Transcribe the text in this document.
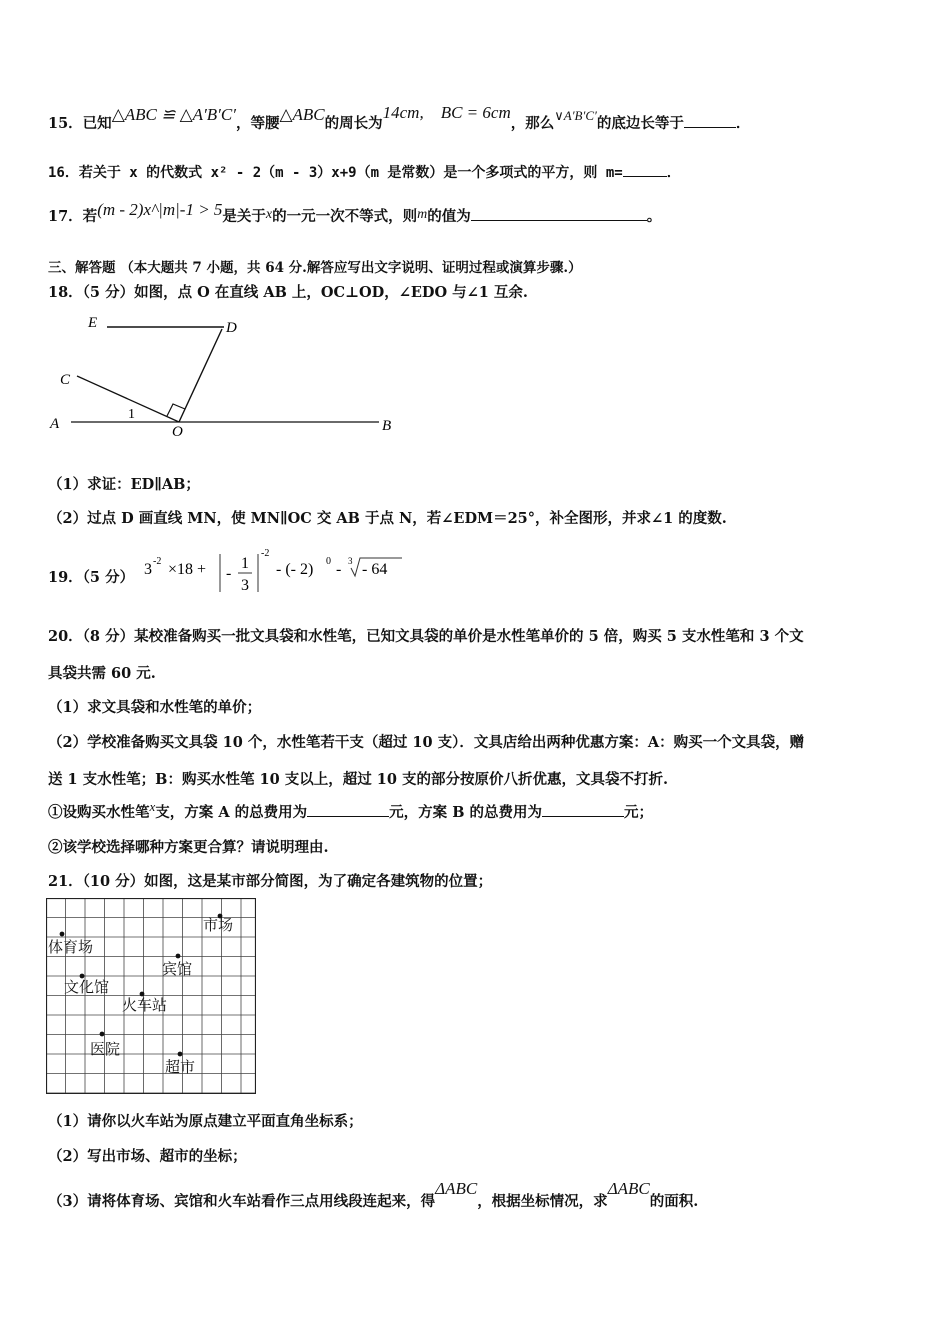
15．已知△ABC ≌ △A′B′C′，等腰△ABC的周长为14cm,　BC = 6cm，那么∨A′B′C′的底边长等于	．
16．若关于 x 的代数式 x² - 2（m - 3）x+9（m 是常数）是一个多项式的平方，则 m=	．
17．若(m - 2)x^|m|-1 > 5是关于x的一元一次不等式，则m的值为	。
三、解答题 （本大题共 7 小题，共 64 分.解答应写出文字说明、证明过程或演算步骤.）
18．（5 分）如图，点 O 在直线 AB 上，OC⊥OD，∠EDO 与∠1 互余.
E	D
C
A	O	B
1
（1）求证：ED∥AB；
（2）过点 D 画直线 MN，使 MN∥OC 交 AB 于点 N，若∠EDM＝25°，补全图形，并求∠1 的度数.
19．（5 分） 3 -2 ×18 + -
1
3
-2
- (- 2) 0 - 3 - 64
20．（8 分）某校准备购买一批文具袋和水性笔，已知文具袋的单价是水性笔单价的 5 倍，购买 5 支水性笔和 3 个文
具袋共需 60 元.
（1）求文具袋和水性笔的单价；
（2）学校准备购买文具袋 10 个，水性笔若干支（超过 10 支）．文具店给出两种优惠方案：A：购买一个文具袋，赠
送 1 支水性笔；B：购买水性笔 10 支以上，超过 10 支的部分按原价八折优惠，文具袋不打折.
①设购买水性笔x支，方案 A 的总费用为	元，方案 B 的总费用为	元；
②该学校选择哪种方案更合算？请说明理由.
21．（10 分）如图，这是某市部分简图，为了确定各建筑物的位置；
市场
体育场
宾馆
文化馆
火车站
医院
超市
（1）请你以火车站为原点建立平面直角坐标系；
（2）写出市场、超市的坐标；
（3）请将体育场、宾馆和火车站看作三点用线段连起来，得ΔABC，根据坐标情况，求ΔABC的面积.
